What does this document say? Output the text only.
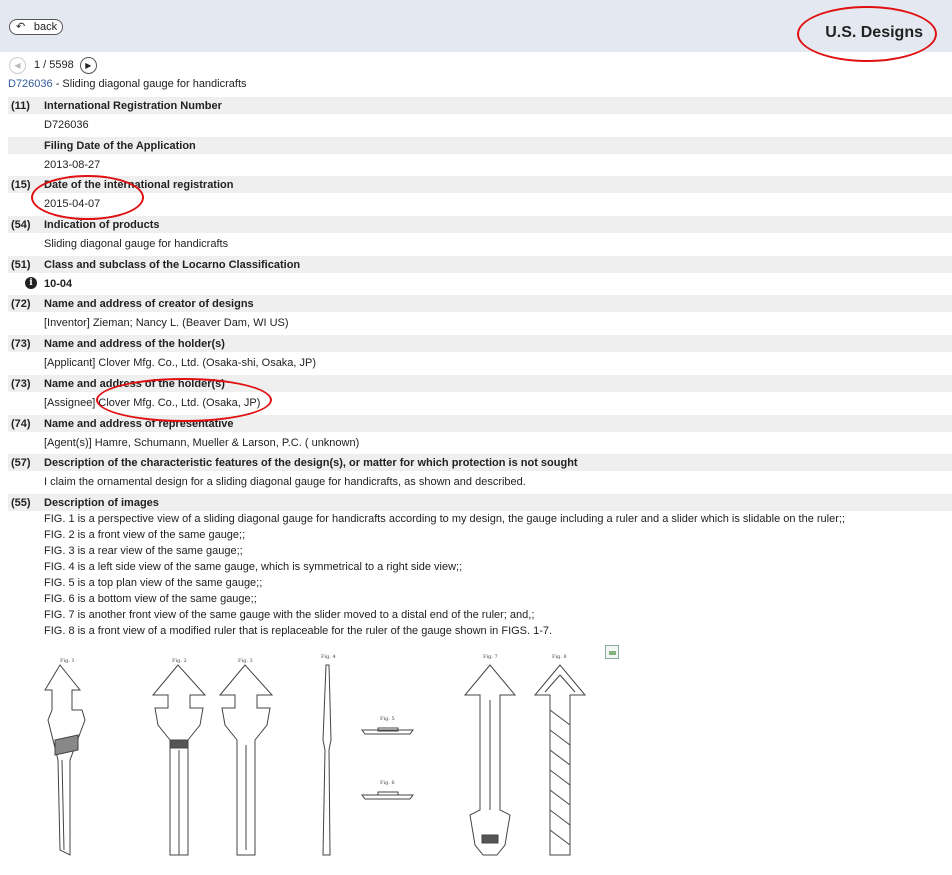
↶ back	U.S. Designs
◀	1 / 5598	▶
D726036 - Sliding diagonal gauge for handicrafts
(11) International Registration Number
D726036
Filing Date of the Application
2013-08-27
(15) Date of the international registration
2015-04-07
(54) Indication of products
Sliding diagonal gauge for handicrafts
(51) Class and subclass of the Locarno Classification
i	10-04
(72) Name and address of creator of designs
[Inventor] Zieman; Nancy L. (Beaver Dam, WI US)
(73) Name and address of the holder(s)
[Applicant] Clover Mfg. Co., Ltd. (Osaka-shi, Osaka, JP)
(73) Name and address of the holder(s)
[Assignee] Clover Mfg. Co., Ltd. (Osaka, JP)
(74) Name and address of representative
[Agent(s)] Hamre, Schumann, Mueller & Larson, P.C. ( unknown)
(57) Description of the characteristic features of the design(s), or matter for which protection is not sought
I claim the ornamental design for a sliding diagonal gauge for handicrafts, as shown and described.
(55) Description of images
FIG. 1 is a perspective view of a sliding diagonal gauge for handicrafts according to my design, the gauge including a ruler and a slider which is slidable on the ruler;;
FIG. 2 is a front view of the same gauge;;
FIG. 3 is a rear view of the same gauge;;
FIG. 4 is a left side view of the same gauge, which is symmetrical to a right side view;;
FIG. 5 is a top plan view of the same gauge;;
FIG. 6 is a bottom view of the same gauge;;
FIG. 7 is another front view of the same gauge with the slider moved to a distal end of the ruler; and,;
FIG. 8 is a front view of a modified ruler that is replaceable for the ruler of the gauge shown in FIGS. 1-7.
Fig. 1	Fig. 2	Fig. 3
Fig. 4
Fig. 5
Fig. 6
Fig. 7	Fig. 8
